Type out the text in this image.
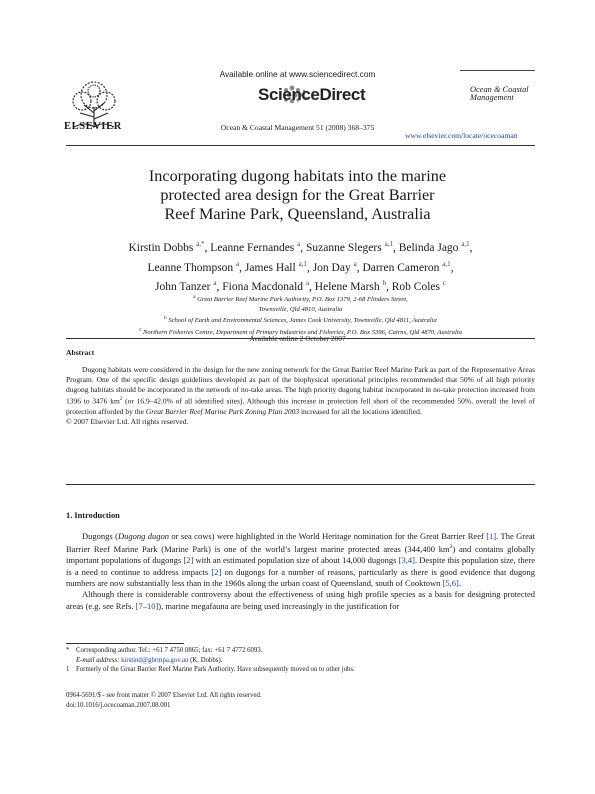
ELSEVIER
Available online at www.sciencedirect.com
ScienceDirect
Ocean & Coastal Management 51 (2008) 368–375
Ocean & Coastal Management
www.elsevier.com/locate/ocecoaman
Incorporating dugong habitats into the marine
protected area design for the Great Barrier
Reef Marine Park, Queensland, Australia
Kirstin Dobbs $^{a,*}$, Leanne Fernandes $^a$, Suzanne Slegers $^{a,1}$, Belinda Jago $^{a,1}$,
Leanne Thompson $^a$, James Hall $^{a,1}$, Jon Day $^a$, Darren Cameron $^{a,1}$,
John Tanzer $^a$, Fiona Macdonald $^a$, Helene Marsh $^b$, Rob Coles $^c$
$^a$ Great Barrier Reef Marine Park Authority, P.O. Box 1379, 2-68 Flinders Street,
Townsville, Qld 4810, Australia
$^b$ School of Earth and Environmental Sciences, James Cook University, Townsville, Qld 4811, Australia
$^c$ Northern Fisheries Centre, Department of Primary Industries and Fisheries, P.O. Box 5396, Cairns, Qld 4870, Australia
Abstract

Dugong habitats were considered in the design for the new zoning network for the Great Barrier Reef Marine Park as part of the Representative Areas Program. One of the specific design guidelines developed as part of the biophysical operational principles recommended that 50% of all high priority dugong habitats should be incorporated in the network of no-take areas. The high priority dugong habitat incorporated in no-take protection increased from 1396 to 3476 $km^2$ (or 16.9–42.0% of all identified sites). Although this increase in protection fell short of the recommended 50%, overall the level of protection afforded by the Great Barrier Reef Marine Park Zoning Plan 2003 increased for all the locations identified.

© 2007 Elsevier Ltd. All rights reserved.
1. Introduction

Dugongs (Dugong dugon or sea cows) were highlighted in the World Heritage nomination for the Great Barrier Reef [1]. The Great Barrier Reef Marine Park (Marine Park) is one of the world’s largest marine protected areas (344,400 $km^2$) and contains globally important populations of dugongs [2] with an estimated population size of about 14,000 dugongs [3,4]. Despite this population size, there is a need to continue to address impacts [2] on dugongs for a number of reasons, particularly as there is good evidence that dugong numbers are now substantially less than in the 1960s along the urban coast of Queensland, south of Cooktown [5,6].

Although there is considerable controversy about the effectiveness of using high profile species as a basis for designing protected areas (e.g. see Refs. [7–10]), marine megafauna are being used increasingly in the justification for

* Corresponding author. Tel.: +61 7 4750 0865; fax: +61 7 4772 6093.
E-mail address: kirstind@gbrmpa.gov.au (K. Dobbs).
1 Formerly of the Great Barrier Reef Marine Park Authority. Have subsequently moved on to other jobs.
0964-5691/$ - see front matter © 2007 Elsevier Ltd. All rights reserved.
doi:10.1016/j.ocecoaman.2007.08.001
